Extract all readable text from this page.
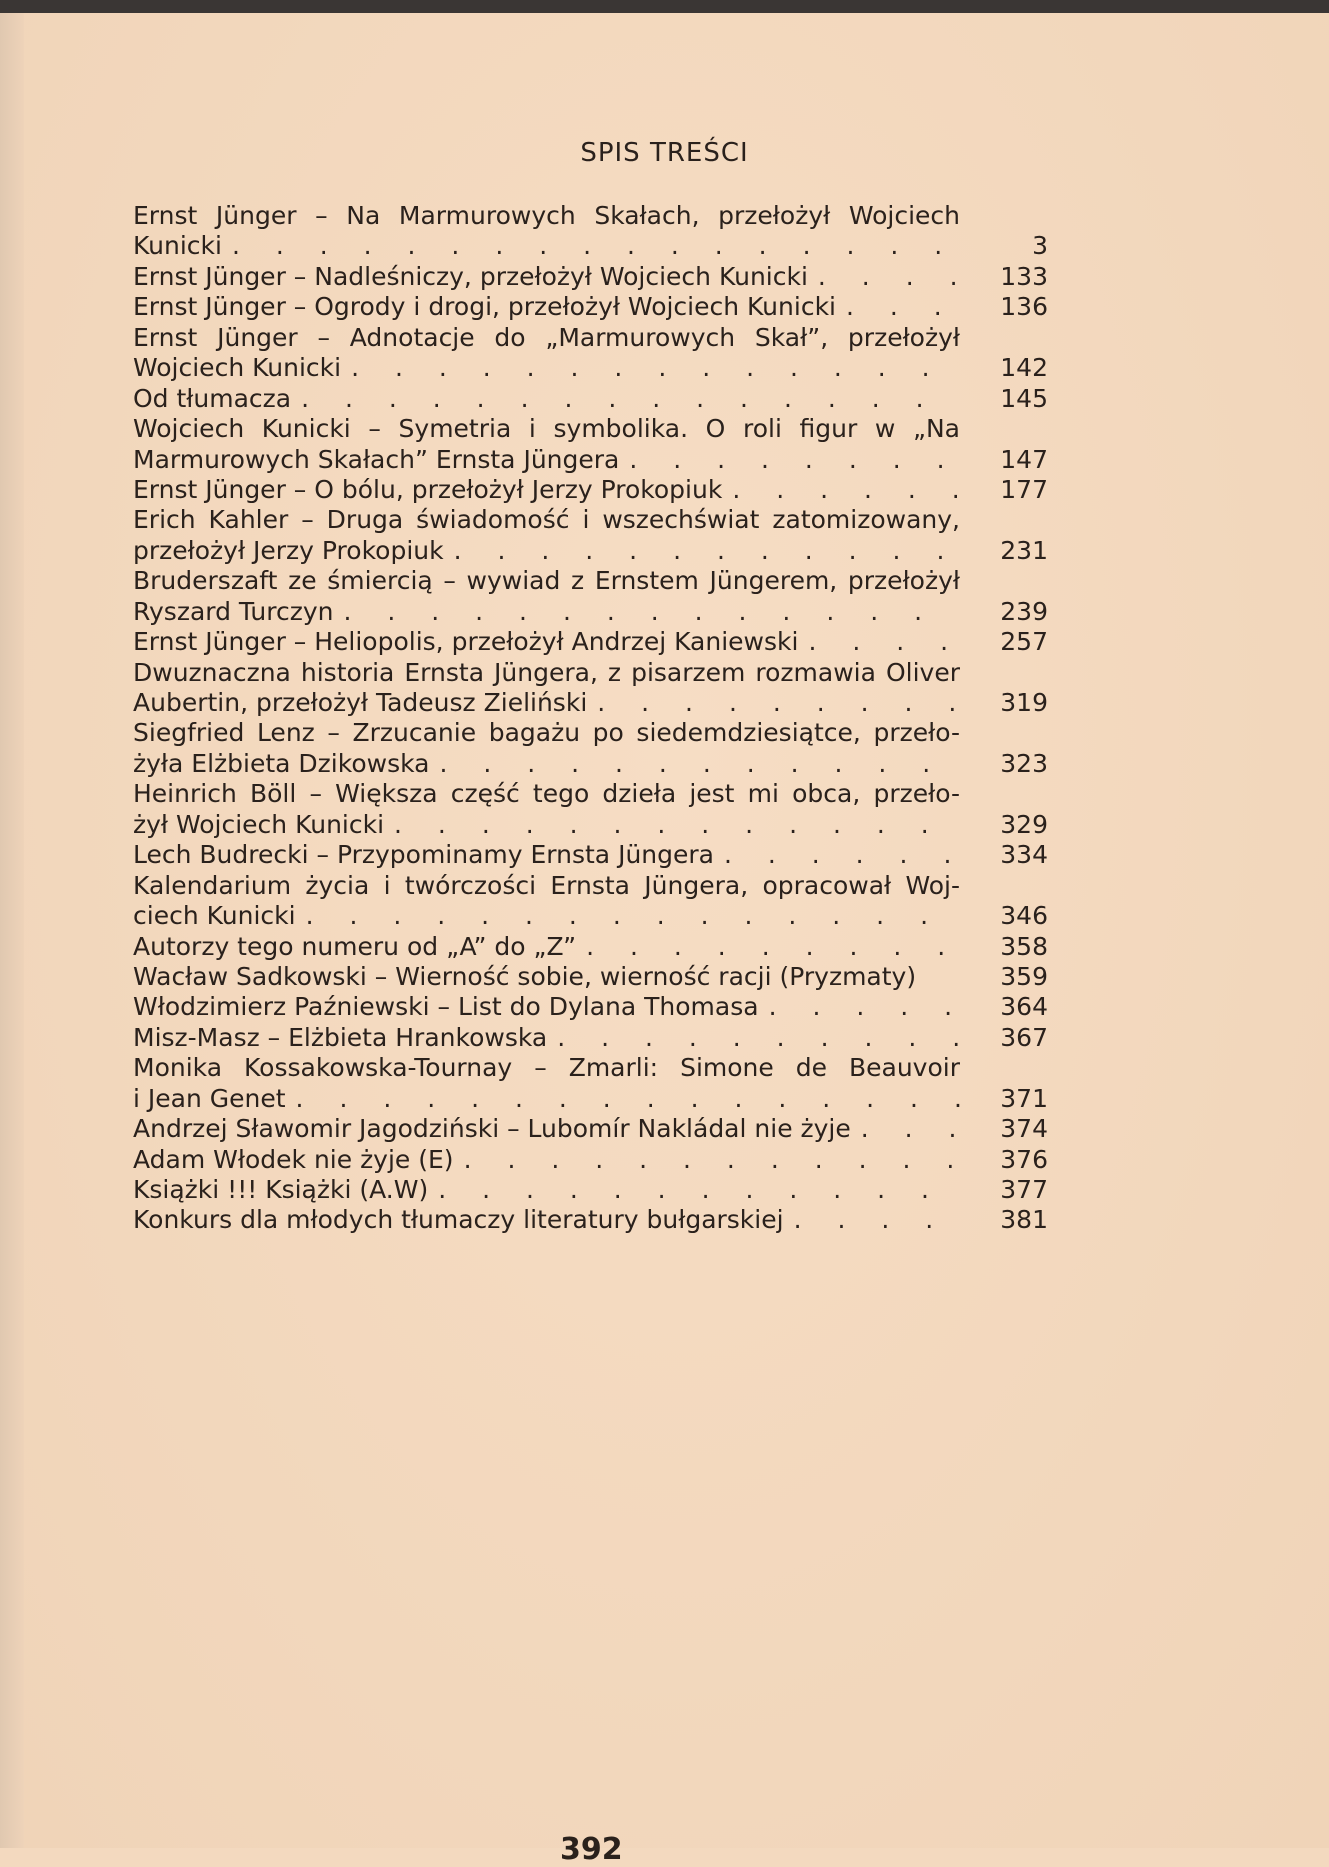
SPIS TREŚCI
Ernst Jünger – Na Marmurowych Skałach, przełożył Wojciech
Kunicki . . .	3
Ernst Jünger – Nadleśniczy, przełożył Wojciech Kunicki . . .	133
Ernst Jünger – Ogrody i drogi, przełożył Wojciech Kunicki . . .	136
Ernst Jünger – Adnotacje do „Marmurowych Skał”, przełożył
Wojciech Kunicki . . .	142
Od tłumacza . . .	145
Wojciech Kunicki – Symetria i symbolika. O roli figur w „Na
Marmurowych Skałach” Ernsta Jüngera . . .	147
Ernst Jünger – O bólu, przełożył Jerzy Prokopiuk . . .	177
Erich Kahler – Druga świadomość i wszechświat zatomizowany,
przełożył Jerzy Prokopiuk . . .	231
Bruderszaft ze śmiercią – wywiad z Ernstem Jüngerem, przełożył
Ryszard Turczyn . . .	239
Ernst Jünger – Heliopolis, przełożył Andrzej Kaniewski . . .	257
Dwuznaczna historia Ernsta Jüngera, z pisarzem rozmawia Oliver
Aubertin, przełożył Tadeusz Zieliński . . .	319
Siegfried Lenz – Zrzucanie bagażu po siedemdziesiątce, przeło-
żyła Elżbieta Dzikowska . . .	323
Heinrich Böll – Większa część tego dzieła jest mi obca, przeło-
żył Wojciech Kunicki . . .	329
Lech Budrecki – Przypominamy Ernsta Jüngera . . .	334
Kalendarium życia i twórczości Ernsta Jüngera, opracował Woj-
ciech Kunicki . . .	346
Autorzy tego numeru od „A” do „Z” . . .	358
Wacław Sadkowski – Wierność sobie, wierność racji (Pryzmaty)	359
Włodzimierz Paźniewski – List do Dylana Thomasa . . .	364
Misz-Masz – Elżbieta Hrankowska . . .	367
Monika Kossakowska-Tournay – Zmarli: Simone de Beauvoir
i Jean Genet . . .	371
Andrzej Sławomir Jagodziński – Lubomír Nakládal nie żyje . . .	374
Adam Włodek nie żyje (E) . . .	376
Książki !!! Książki (A.W) . . .	377
Konkurs dla młodych tłumaczy literatury bułgarskiej . . .	381
392
